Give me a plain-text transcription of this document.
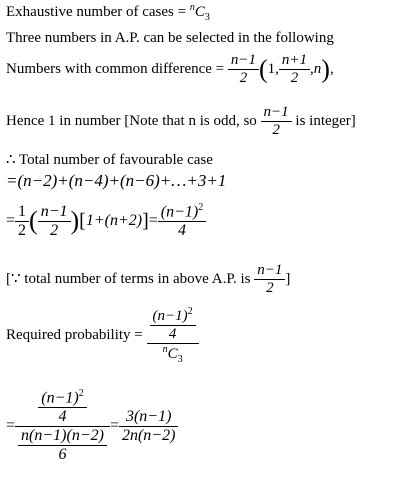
Exhaustive number of cases = $^nC_3$
Three numbers in A.P. can be selected in the following
Numbers with common difference = $\frac{n-1}{2} (1$, $\frac{n+1}{2} ,n$),
Hence 1 in number [Note that n is odd, so $\frac{n-1}{2}$ is integer]
∴ Total number of favourable case
=(n−2)+(n−4)+(n−6)+…+3+1
= $\frac{1}{2}$ ( $\frac{n-1}{2} )[1+(n+2)]= \frac{(n-1)^2}{4}$
[∵ total number of terms in above A.P. is $\frac{n-1}{2}$ ]
Required probability = $\frac{\frac{(n-1)^2}{4}}{^nC_3}$
= $\frac{\frac{(n-1)^2}{4}}{\frac{n(n-1)(n-2)}{6}} = \frac{3(n-1)}{2n(n-2)}$
